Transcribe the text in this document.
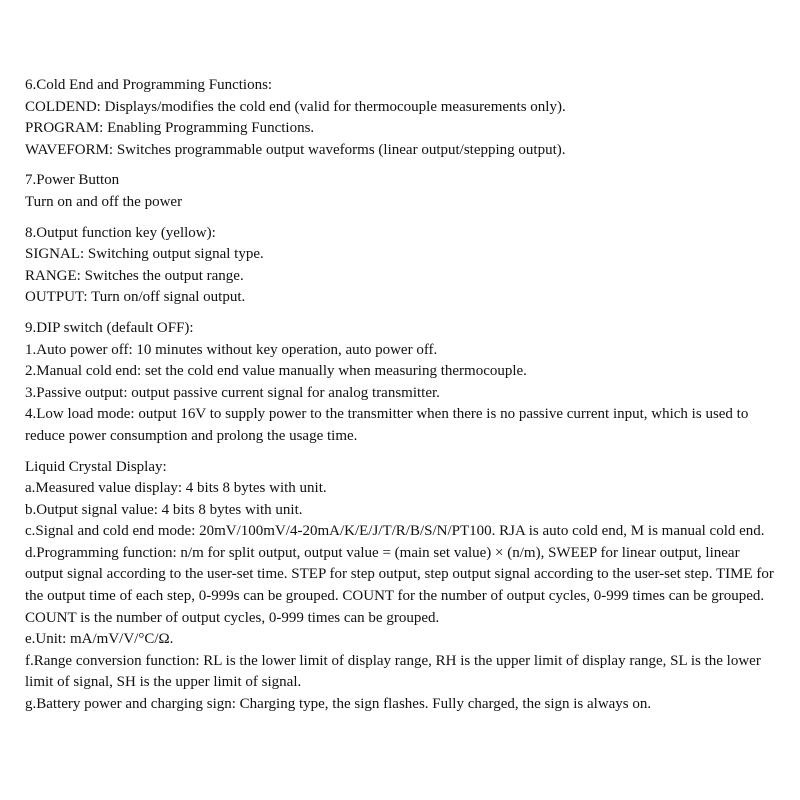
6.Cold End and Programming Functions:
COLDEND: Displays/modifies the cold end (valid for thermocouple measurements only).
PROGRAM: Enabling Programming Functions.
WAVEFORM: Switches programmable output waveforms (linear output/stepping output).
7.Power Button
Turn on and off the power
8.Output function key (yellow):
SIGNAL: Switching output signal type.
RANGE: Switches the output range.
OUTPUT: Turn on/off signal output.
9.DIP switch (default OFF):
1.Auto power off: 10 minutes without key operation, auto power off.
2.Manual cold end: set the cold end value manually when measuring thermocouple.
3.Passive output: output passive current signal for analog transmitter.
4.Low load mode: output 16V to supply power to the transmitter when there is no passive current input, which is used to reduce power consumption and prolong the usage time.
Liquid Crystal Display:
a.Measured value display: 4 bits 8 bytes with unit.
b.Output signal value: 4 bits 8 bytes with unit.
c.Signal and cold end mode: 20mV/100mV/4-20mA/K/E/J/T/R/B/S/N/PT100. RJA is auto cold end, M is manual cold end.
d.Programming function: n/m for split output, output value = (main set value) × (n/m), SWEEP for linear output, linear output signal according to the user-set time. STEP for step output, step output signal according to the user-set step. TIME for the output time of each step, 0-999s can be grouped. COUNT for the number of output cycles, 0-999 times can be grouped. COUNT is the number of output cycles, 0-999 times can be grouped.
e.Unit: mA/mV/V/°C/Ω.
f.Range conversion function: RL is the lower limit of display range, RH is the upper limit of display range, SL is the lower limit of signal, SH is the upper limit of signal.
g.Battery power and charging sign: Charging type, the sign flashes. Fully charged, the sign is always on.
